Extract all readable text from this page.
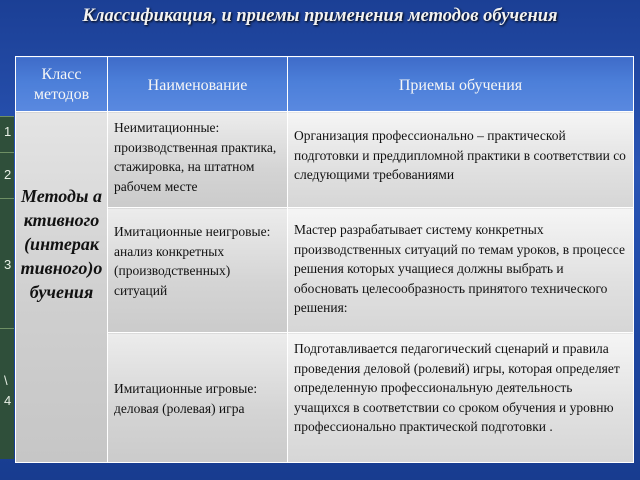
Классификация, и приемы применения методов обучения
1
2
3
\
4
Класс методов	Наименование	Приемы обучения

Методы активного (интерактивного)обучения	Неимитационные: производственная практика, стажировка, на штатном рабочем месте	Организация профессионально – практической подготовки и преддипломной практики в соответствии со следующими требованиями
	Имитационные неигровые: анализ конкретных (производственных) ситуаций	Мастер разрабатывает систему конкретных производственных ситуаций по темам уроков, в процессе решения которых учащиеся должны выбрать и обосновать целесообразность принятого технического решения:
	Имитационные игровые: деловая (ролевая) игра	Подготавливается педагогический сценарий и правила проведения деловой (ролевий) игры, которая определяет определенную профессиональную деятельность учащихся в соответствии со сроком обучения и уровню профессионально практической подготовки .
